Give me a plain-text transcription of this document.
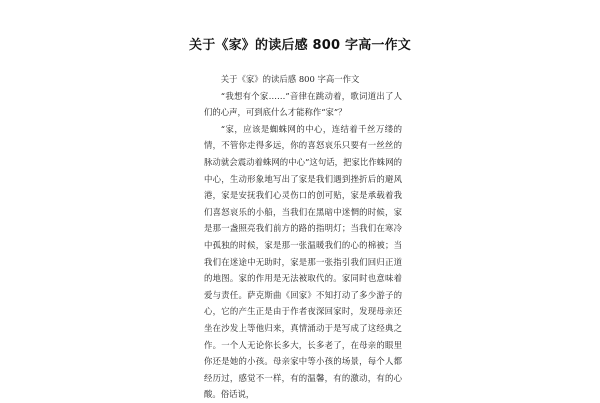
关于《家》的读后感 800 字高一作文

关于《家》的读后感 800 字高一作文

“我想有个家……”音律在跳动着，歌词道出了人们的心声，可到底什么才能称作“家”？

“家，应该是蜘蛛网的中心，连结着千丝万缕的情，不管你走得多远，你的喜怒哀乐只要有一丝丝的脉动就会震动着蛛网的中心”这句话，把家比作蛛网的中心，生动形象地写出了家是我们遇到挫折后的避风港，家是安抚我们心灵伤口的创可贴，家是承载着我们喜怒哀乐的小船，当我们在黑暗中迷惘的时候，家是那一盏照亮我们前方的路的指明灯；当我们在寒冷中孤独的时候，家是那一张温暖我们的心的棉被；当我们在迷途中无助时，家是那一张指引我们回归正道的地图。家的作用是无法被取代的。家同时也意味着爱与责任。萨克斯曲《回家》不知打动了多少游子的心，它的产生正是由于作者夜深回家时，发现母亲还坐在沙发上等他归来，真情涌动于是写成了这经典之作。一个人无论你长多大，长多老了，在母亲的眼里你还是她的小孩。母亲家中等小孩的场景，每个人都经历过，感觉不一样，有的温馨，有的激动，有的心酸。俗话说，
